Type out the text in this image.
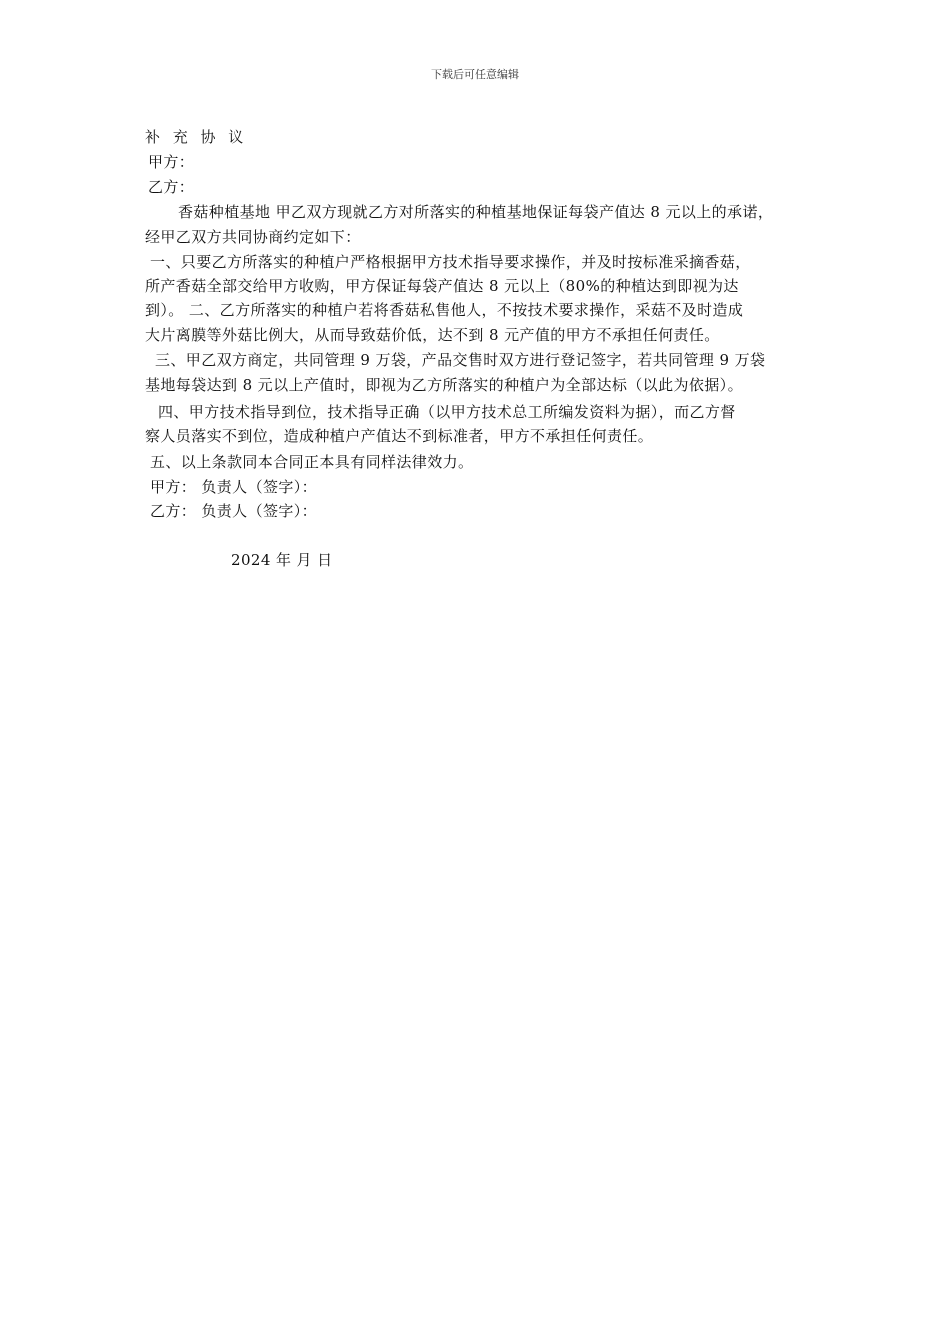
下载后可任意编辑
补 充 协 议
甲方：
乙方：
香菇种植基地 甲乙双方现就乙方对所落实的种植基地保证每袋产值达 8 元以上的承诺，
经甲乙双方共同协商约定如下：
一、只要乙方所落实的种植户严格根据甲方技术指导要求操作，并及时按标准采摘香菇，
所产香菇全部交给甲方收购，甲方保证每袋产值达 8 元以上（80%的种植达到即视为达
到）。 二、乙方所落实的种植户若将香菇私售他人，不按技术要求操作，采菇不及时造成
大片离膜等外菇比例大，从而导致菇价低，达不到 8 元产值的甲方不承担任何责任。
三、甲乙双方商定，共同管理 9 万袋，产品交售时双方进行登记签字，若共同管理 9 万袋
基地每袋达到 8 元以上产值时，即视为乙方所落实的种植户为全部达标（以此为依据）。
四、甲方技术指导到位，技术指导正确（以甲方技术总工所编发资料为据），而乙方督
察人员落实不到位，造成种植户产值达不到标准者，甲方不承担任何责任。
五、以上条款同本合同正本具有同样法律效力。
甲方： 负责人（签字）：
乙方： 负责人（签字）：
2024 年 月 日
